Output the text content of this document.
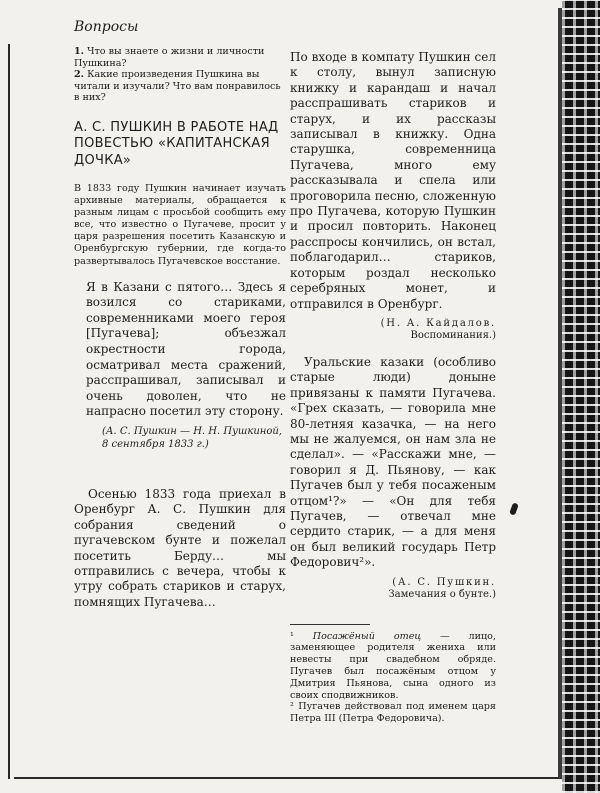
Вопросы

1. Что вы знаете о жизни и личности Пушкина?

2. Какие произведения Пушкина вы читали и изучали? Что вам понравилось в них?

А. С. ПУШКИН В РАБОТЕ НАД ПОВЕСТЬЮ «КАПИТАНСКАЯ ДОЧКА»

В 1833 году Пушкин начинает изучать архивные материалы, обращается к разным лицам с просьбой сообщить ему все, что известно о Пугачеве, просит у царя разрешения посетить Казанскую и Оренбургскую губернии, где когда-то развертывалось Пугачевское восстание.

Я в Казани с пятого… Здесь я возился со стариками, современниками моего героя [Пугачева]; объезжал окрестности города, осматривал места сражений, расспрашивал, записывал и очень доволен, что не напрасно посетил эту сторону.

(А. С. Пушкин — Н. Н. Пушкиной, 8 сентября 1833 г.)

Осенью 1833 года приехал в Оренбург А. С. Пушкин для собрания сведений о пугачевском бунте и пожелал посетить Берду… мы отправились с вечера, чтобы к утру собрать стариков и старух, помнящих Пугачева…

По входе в компату Пушкин сел к столу, вынул записную книжку и карандаш и начал расспрашивать стариков и старух, и их рассказы записывал в книжку. Одна старушка, современница Пугачева, много ему рассказывала и спела или проговорила песню, сложенную про Пугачева, которую Пушкин и просил повторить. Наконец расспросы кончились, он встал, поблагодарил… стариков, которым роздал несколько серебряных монет, и отправился в Оренбург.

(Н. А. Кайдалов.
Воспоминания.)

Уральские казаки (особливо старые люди) доныне привязаны к памяти Пугачева. «Грех сказать, — говорила мне 80-летняя казачка, — на него мы не жалуемся, он нам зла не сделал». — «Расскажи мне, — говорил я Д. Пьянову, — как Пугачев был у тебя посаженым отцом¹?» — «Он для тебя Пугачев, — отвечал мне сердито старик, — а для меня он был великий государь Петр Федорович²».

(А. С. Пушкин.
Замечания о бунте.)

¹ Посажёный отец — лицо, заменяющее родителя жениха или невесты при свадебном обряде. Пугачев был посажёным отцом у Дмитрия Пьянова, сына одного из своих сподвижников.

² Пугачев действовал под именем царя Петра III (Петра Федоровича).
